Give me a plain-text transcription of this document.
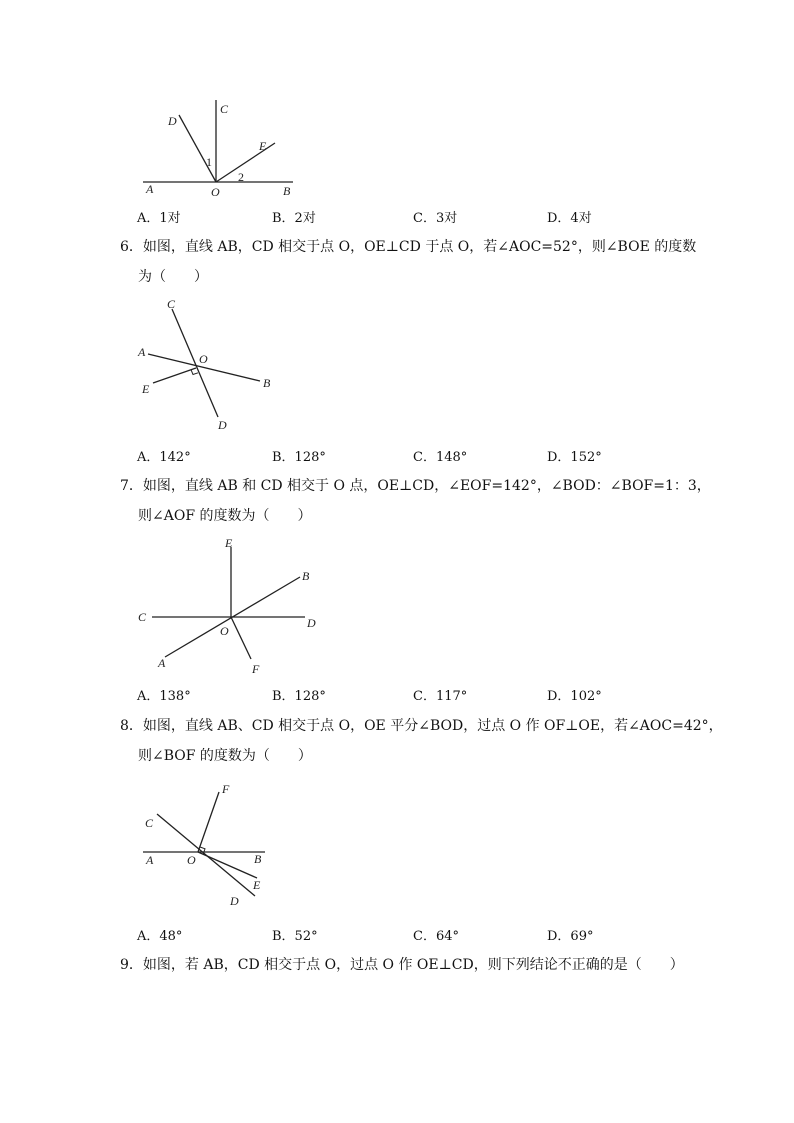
C
D
E
1
2
A	O	B
A．1对	B．2对	C．3对	D．4对
6．如图，直线 AB，CD 相交于点 O，OE⊥CD 于点 O，若∠AOC=52°，则∠BOE 的度数
为（　　）
C
A	O
E	B
D
A．142°	B．128°	C．148°	D．152°
7．如图，直线 AB 和 CD 相交于 O 点，OE⊥CD，∠EOF=142°，∠BOD：∠BOF=1：3，
则∠AOF 的度数为（　　）
E
B
C	D
O
A	F
A．138°	B．128°	C．117°	D．102°
8．如图，直线 AB、CD 相交于点 O，OE 平分∠BOD，过点 O 作 OF⊥OE，若∠AOC=42°，
则∠BOF 的度数为（　　）
F
C
A	O	B
E
D
A．48°	B．52°	C．64°	D．69°
9．如图，若 AB，CD 相交于点 O，过点 O 作 OE⊥CD，则下列结论不正确的是（　　）
